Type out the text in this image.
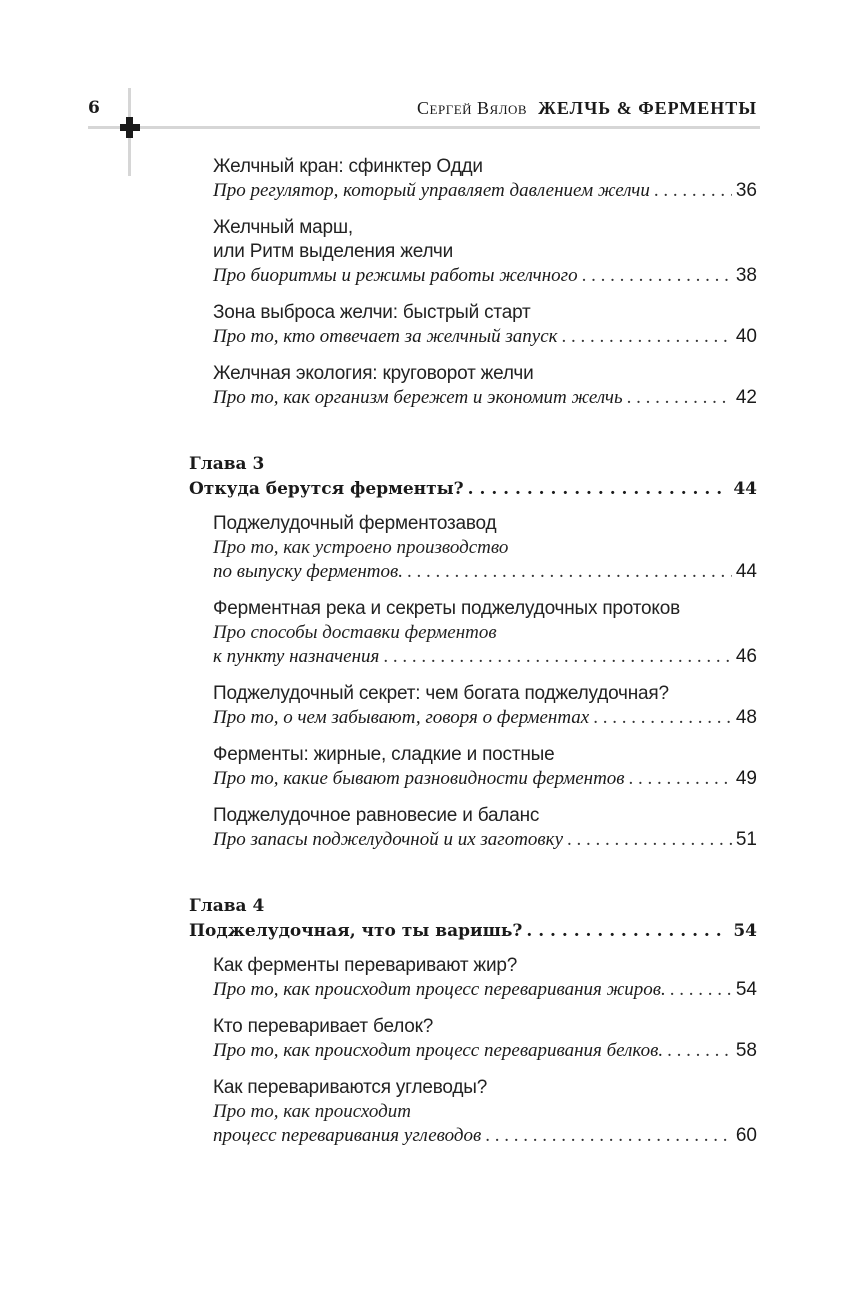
6	Сергей Вялов ЖЕЛЧЬ & ФЕРМЕНТЫ
Желчный кран: сфинктер Одди
Про регулятор, который управляет давлением желчи . . .	36
Желчный марш,
или Ритм выделения желчи
Про биоритмы и режимы работы желчного . . .	38
Зона выброса желчи: быстрый старт
Про то, кто отвечает за желчный запуск . . .	40
Желчная экология: круговорот желчи
Про то, как организм бережет и экономит желчь . . .	42
Глава 3
Откуда берутся ферменты? . . .	44
Поджелудочный ферментозавод
Про то, как устроено производство
по выпуску ферментов. . . .	44
Ферментная река и секреты поджелудочных протоков
Про способы доставки ферментов
к пункту назначения . . .	46
Поджелудочный секрет: чем богата поджелудочная?
Про то, о чем забывают, говоря о ферментах . . .	48
Ферменты: жирные, сладкие и постные
Про то, какие бывают разновидности ферментов . . .	49
Поджелудочное равновесие и баланс
Про запасы поджелудочной и их заготовку . . .	51
Глава 4
Поджелудочная, что ты варишь? . . .	54
Как ферменты переваривают жир?
Про то, как происходит процесс переваривания жиров. . . .	54
Кто переваривает белок?
Про то, как происходит процесс переваривания белков. . . .	58
Как перевариваются углеводы?
Про то, как происходит
процесс переваривания углеводов . . .	60
